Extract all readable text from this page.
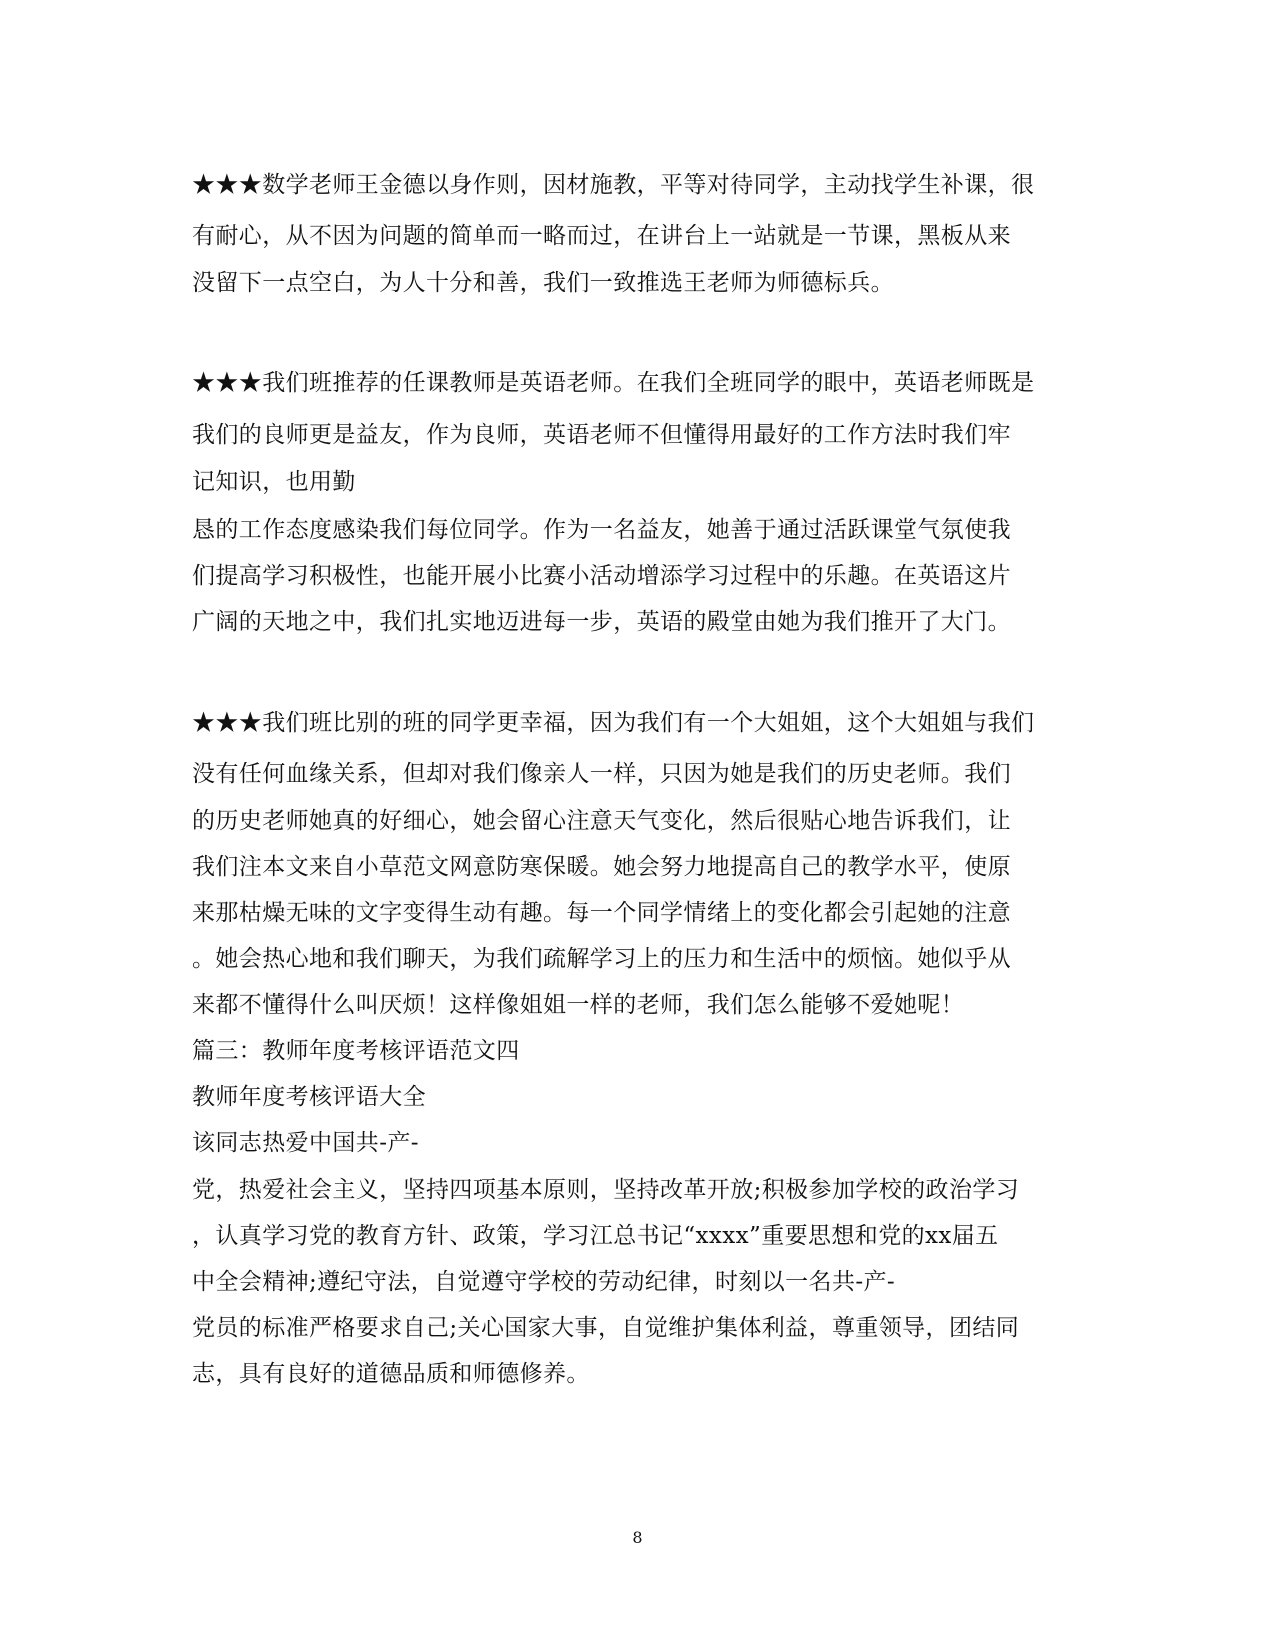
★★★数学老师王金德以身作则，因材施教，平等对待同学，主动找学生补课，很

有耐心，从不因为问题的简单而一略而过，在讲台上一站就是一节课，黑板从来

没留下一点空白，为人十分和善，我们一致推选王老师为师德标兵。

★★★我们班推荐的任课教师是英语老师。在我们全班同学的眼中，英语老师既是

我们的良师更是益友，作为良师，英语老师不但懂得用最好的工作方法时我们牢

记知识，也用勤

恳的工作态度感染我们每位同学。作为一名益友，她善于通过活跃课堂气氛使我

们提高学习积极性，也能开展小比赛小活动增添学习过程中的乐趣。在英语这片

广阔的天地之中，我们扎实地迈进每一步，英语的殿堂由她为我们推开了大门。

★★★我们班比别的班的同学更幸福，因为我们有一个大姐姐，这个大姐姐与我们

没有任何血缘关系，但却对我们像亲人一样，只因为她是我们的历史老师。我们

的历史老师她真的好细心，她会留心注意天气变化，然后很贴心地告诉我们，让

我们注本文来自小草范文网意防寒保暖。她会努力地提高自己的教学水平，使原

来那枯燥无味的文字变得生动有趣。每一个同学情绪上的变化都会引起她的注意

。她会热心地和我们聊天，为我们疏解学习上的压力和生活中的烦恼。她似乎从

来都不懂得什么叫厌烦！这样像姐姐一样的老师，我们怎么能够不爱她呢！

篇三：教师年度考核评语范文四

教师年度考核评语大全

该同志热爱中国共-产-

党，热爱社会主义，坚持四项基本原则，坚持改革开放;积极参加学校的政治学习

，认真学习党的教育方针、政策，学习江总书记“xxxx”重要思想和党的xx届五

中全会精神;遵纪守法，自觉遵守学校的劳动纪律，时刻以一名共-产-

党员的标准严格要求自己;关心国家大事，自觉维护集体利益，尊重领导，团结同

志，具有良好的道德品质和师德修养。

8
